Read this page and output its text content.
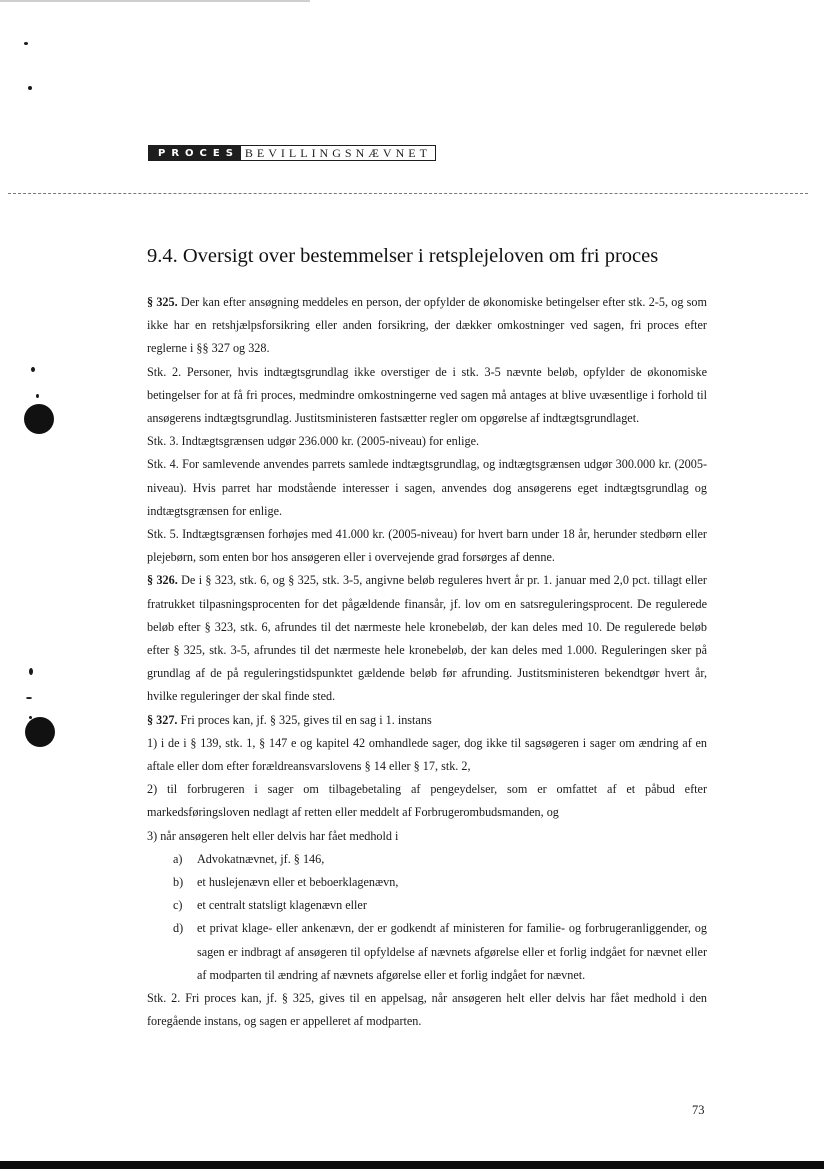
PROCES BEVILLINGSNÆVNET
9.4. Oversigt over bestemmelser i retsplejeloven om fri proces

§ 325. Der kan efter ansøgning meddeles en person, der opfylder de økonomiske betingelser efter stk. 2-5, og som ikke har en retshjælpsforsikring eller anden forsikring, der dækker omkostninger ved sagen, fri proces efter reglerne i §§ 327 og 328.

Stk. 2. Personer, hvis indtægtsgrundlag ikke overstiger de i stk. 3-5 nævnte beløb, opfylder de økonomiske betingelser for at få fri proces, medmindre omkostningerne ved sagen må antages at blive uvæsentlige i forhold til ansøgerens indtægtsgrundlag. Justitsministeren fastsætter regler om opgørelse af indtægtsgrundlaget.

Stk. 3. Indtægtsgrænsen udgør 236.000 kr. (2005-niveau) for enlige.

Stk. 4. For samlevende anvendes parrets samlede indtægtsgrundlag, og indtægtsgrænsen udgør 300.000 kr. (2005-niveau). Hvis parret har modstående interesser i sagen, anvendes dog ansøgerens eget indtægtsgrundlag og indtægtsgrænsen for enlige.

Stk. 5. Indtægtsgrænsen forhøjes med 41.000 kr. (2005-niveau) for hvert barn under 18 år, herunder stedbørn eller plejebørn, som enten bor hos ansøgeren eller i overvejende grad forsørges af denne.

§ 326. De i § 323, stk. 6, og § 325, stk. 3-5, angivne beløb reguleres hvert år pr. 1. januar med 2,0 pct. tillagt eller fratrukket tilpasningsprocenten for det pågældende finansår, jf. lov om en satsreguleringsprocent. De regulerede beløb efter § 323, stk. 6, afrundes til det nærmeste hele kronebeløb, der kan deles med 10. De regulerede beløb efter § 325, stk. 3-5, afrundes til det nærmeste hele kronebeløb, der kan deles med 1.000. Reguleringen sker på grundlag af de på reguleringstidspunktet gældende beløb før afrunding. Justitsministeren bekendtgør hvert år, hvilke reguleringer der skal finde sted.

§ 327. Fri proces kan, jf. § 325, gives til en sag i 1. instans

1) i de i § 139, stk. 1, § 147 e og kapitel 42 omhandlede sager, dog ikke til sagsøgeren i sager om ændring af en aftale eller dom efter forældreansvarslovens § 14 eller § 17, stk. 2,

2) til forbrugeren i sager om tilbagebetaling af pengeydelser, som er omfattet af et påbud efter markedsføringsloven nedlagt af retten eller meddelt af Forbrugerombudsmanden, og

3) når ansøgeren helt eller delvis har fået medhold i

a)	Advokatnævnet, jf. § 146,
b)	et huslejenævn eller et beboerklagenævn,
c)	et centralt statsligt klagenævn eller
d)	et privat klage- eller ankenævn, der er godkendt af ministeren for familie- og forbrugeranliggender, og sagen er indbragt af ansøgeren til opfyldelse af nævnets afgørelse eller et forlig indgået for nævnet eller af modparten til ændring af nævnets afgørelse eller et forlig indgået for nævnet.

Stk. 2. Fri proces kan, jf. § 325, gives til en appelsag, når ansøgeren helt eller delvis har fået medhold i den foregående instans, og sagen er appelleret af modparten.

73
